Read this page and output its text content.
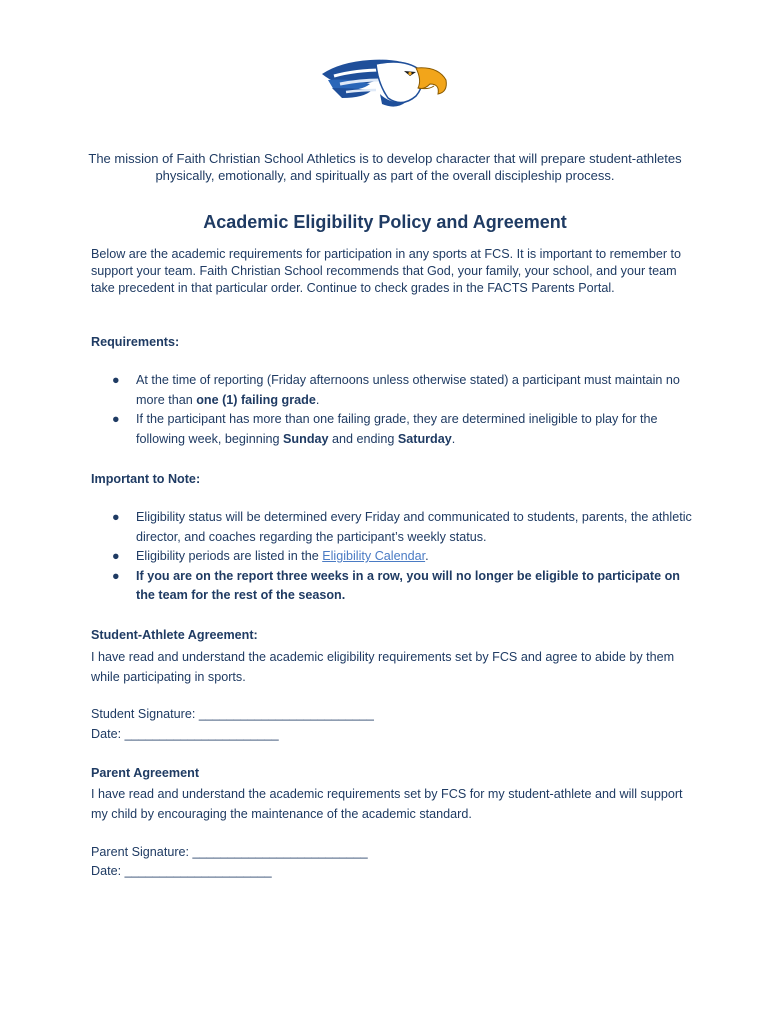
The mission of Faith Christian School Athletics is to develop character that will prepare student-athletes physically, emotionally, and spiritually as part of the overall discipleship process.
Academic Eligibility Policy and Agreement
Below are the academic requirements for participation in any sports at FCS. It is important to remember to support your team. Faith Christian School recommends that God, your family, your school, and your team take precedent in that particular order. Continue to check grades in the FACTS Parents Portal.
Requirements:
● At the time of reporting (Friday afternoons unless otherwise stated) a participant must maintain no more than one (1) failing grade.
● If the participant has more than one failing grade, they are determined ineligible to play for the following week, beginning Sunday and ending Saturday.
Important to Note:
● Eligibility status will be determined every Friday and communicated to students, parents, the athletic director, and coaches regarding the participant’s weekly status.
● Eligibility periods are listed in the Eligibility Calendar.
● If you are on the report three weeks in a row, you will no longer be eligible to participate on the team for the rest of the season.
Student-Athlete Agreement:
I have read and understand the academic eligibility requirements set by FCS and agree to abide by them while participating in sports.
Student Signature: _________________________
Date: ______________________
Parent Agreement
I have read and understand the academic requirements set by FCS for my student-athlete and will support my child by encouraging the maintenance of the academic standard.
Parent Signature: _________________________
Date: _____________________
